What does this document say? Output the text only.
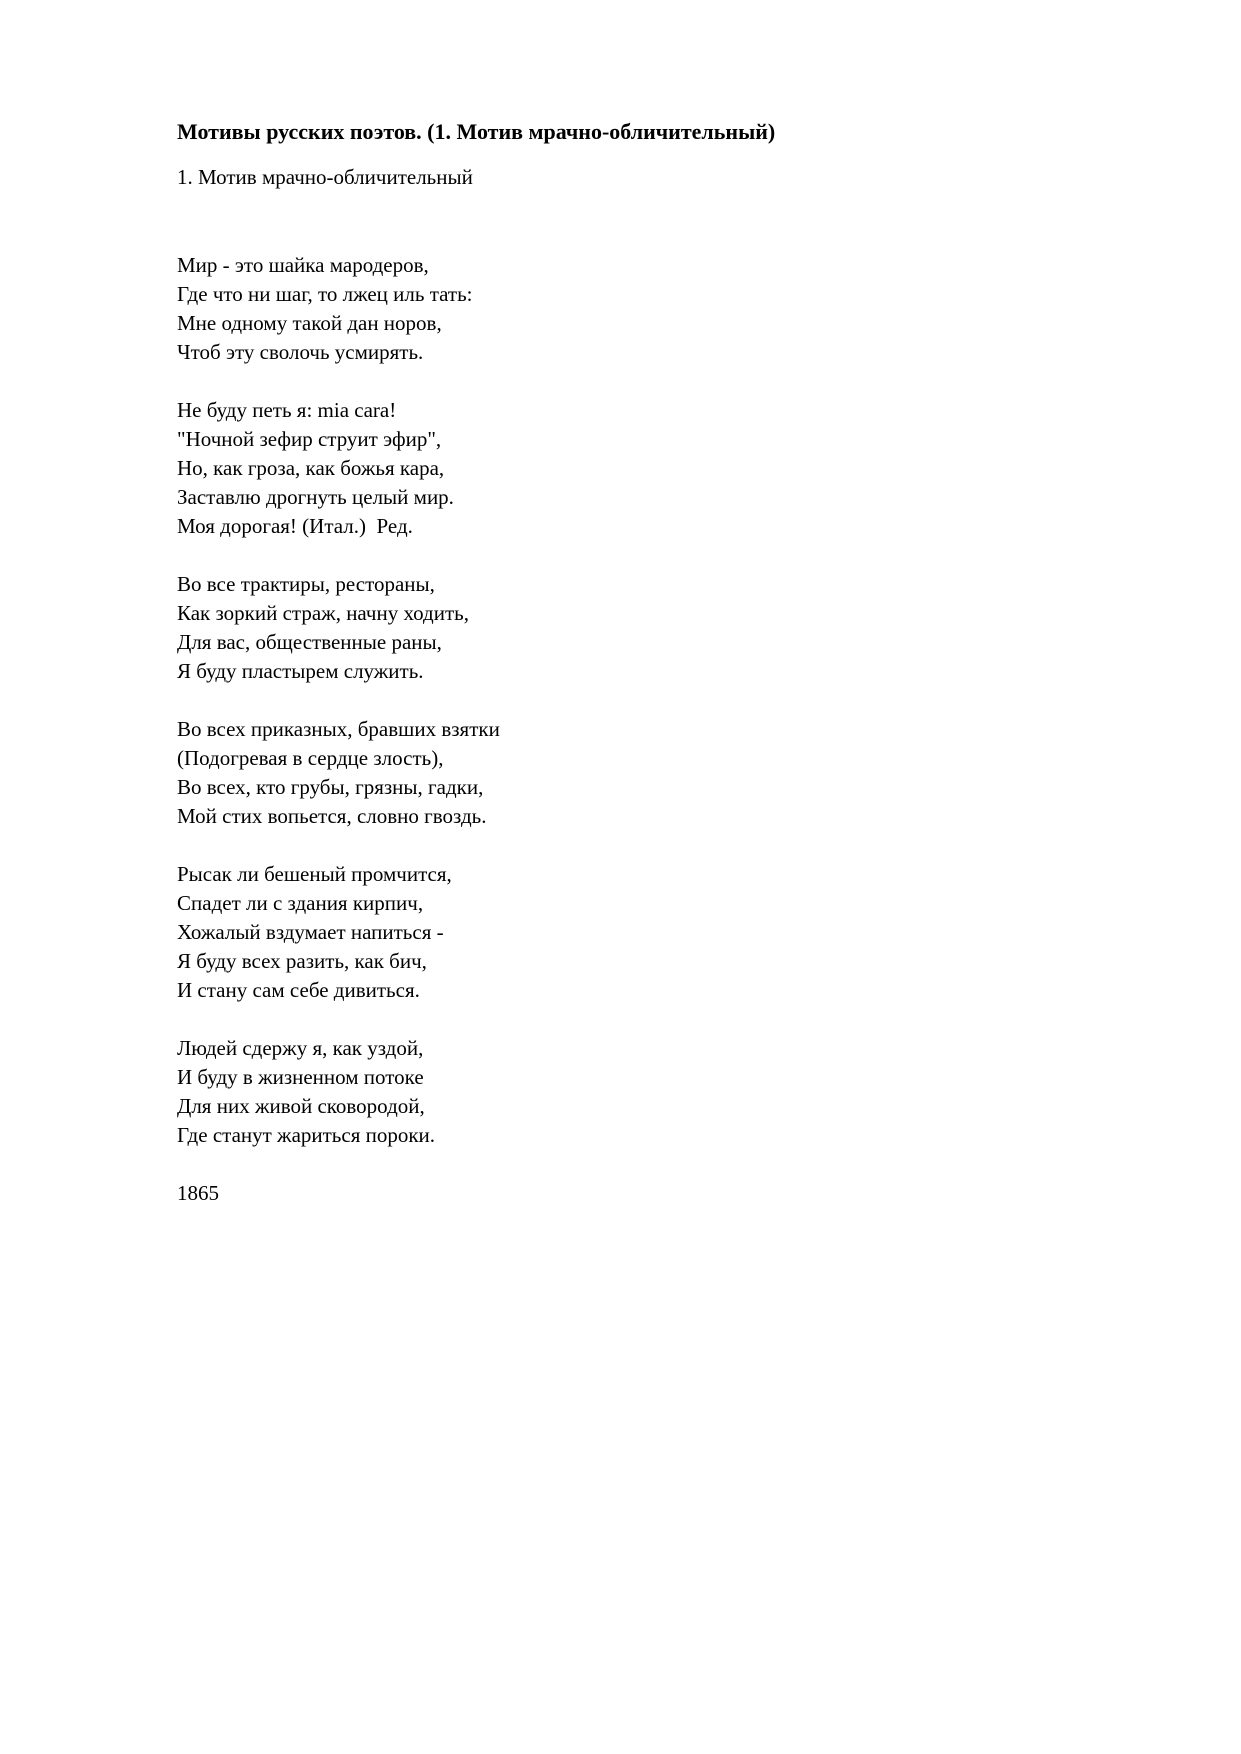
Мотивы русских поэтов. (1. Мотив мрачно-обличительный)

1. Мотив мрачно-обличительный

Мир - это шайка мародеров,
Где что ни шаг, то лжец иль тать:
Мне одному такой дан норов,
Чтоб эту сволочь усмирять.
Не буду петь я: mia cara!
"Ночной зефир струит эфир",
Но, как гроза, как божья кара,
Заставлю дрогнуть целый мир.
Моя дорогая! (Итал.)  Ред.
Во все трактиры, рестораны,
Как зоркий страж, начну ходить,
Для вас, общественные раны,
Я буду пластырем служить.
Во всех приказных, бравших взятки
(Подогревая в сердце злость),
Во всех, кто грубы, грязны, гадки,
Мой стих вопьется, словно гвоздь.
Рысак ли бешеный промчится,
Спадет ли с здания кирпич,
Хожалый вздумает напиться -
Я буду всех разить, как бич,
И стану сам себе дивиться.
Людей сдержу я, как уздой,
И буду в жизненном потоке
Для них живой сковородой,
Где станут жариться пороки.

1865
